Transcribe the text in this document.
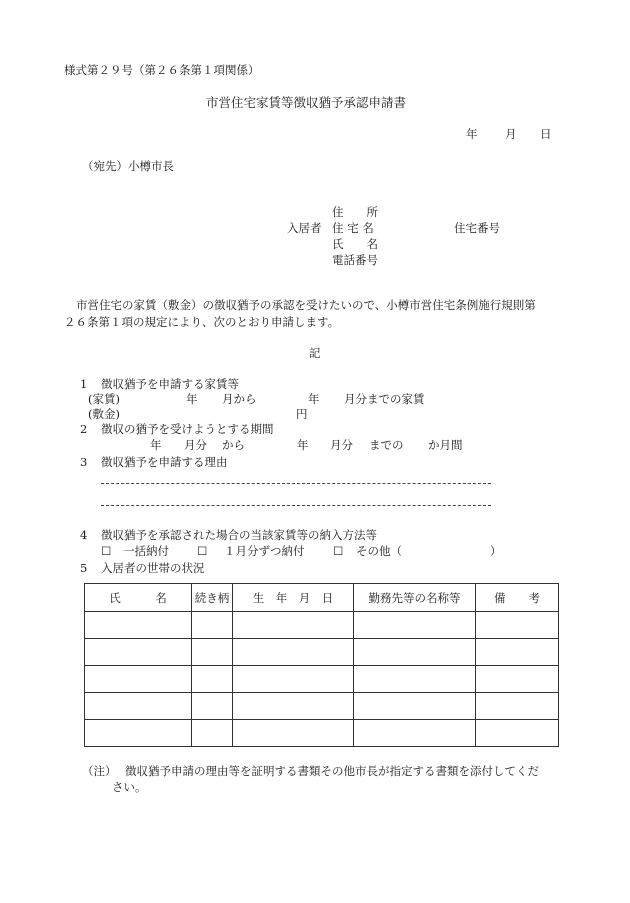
様式第２９号（第２６条第１項関係）
市営住宅家賃等徴収猶予承認申請書
年 月 日
（宛先）小樽市長
住　　所
入居者 住 宅 名	住宅番号
氏　　名
電話番号
市営住宅の家賃（敷金）の徴収猶予の承認を受けたいので、小樽市営住宅条例施行規則第
２６条第１項の規定により、次のとおり申請します。
記
1 徴収猶予を申請する家賃等
(家賃)	年 月から	年 月分までの家賃
(敷金)	円
2 徴収の猶予を受けようとする期間
年 月分 から	年 月分 までの か月間
3 徴収猶予を申請する理由
4 徴収猶予を承認された場合の当該家賃等の納入方法等
☐ 一括納付 ☐ １月分ずつ納付 ☐ その他（	）
5 入居者の世帯の状況
氏　　　名	続き柄	生　年　月　日	勤務先等の名称等	備　　考

（注） 徴収猶予申請の理由等を証明する書類その他市長が指定する書類を添付してくだ
さい。
